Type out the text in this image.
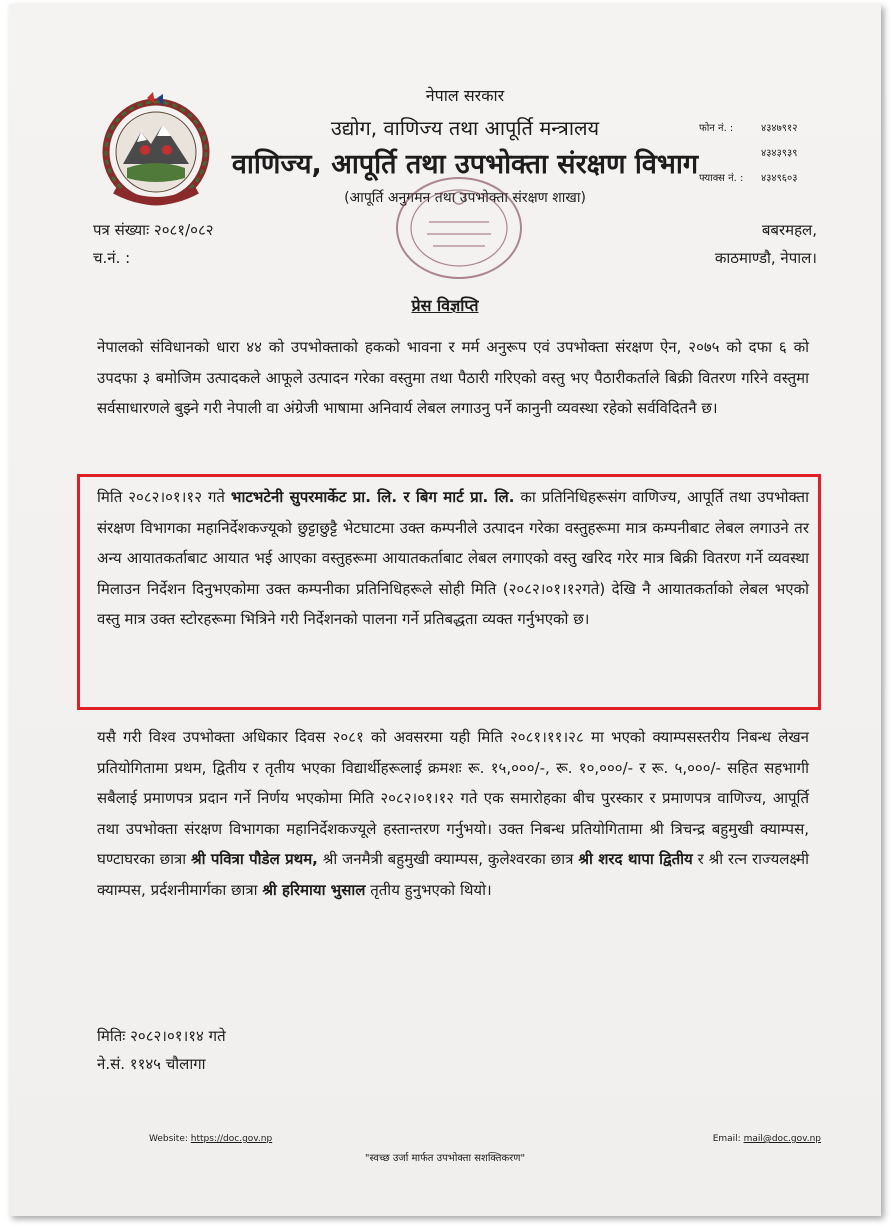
नेपाल सरकार
उद्योग, वाणिज्य तथा आपूर्ति मन्त्रालय
वाणिज्य, आपूर्ति तथा उपभोक्ता संरक्षण विभाग
(आपूर्ति अनुगमन तथा उपभोक्ता संरक्षण शाखा)
फोन नं. :	४३४७९१२
४३४३९३९
फ्याक्स नं. :	४३४९६०३
पत्र संख्याः २०८१/०८२
च.नं. :
बबरमहल,
काठमाण्डौ, नेपाल।
प्रेस विज्ञप्ति

नेपालको संविधानको धारा ४४ को उपभोक्ताको हकको भावना र मर्म अनुरूप एवं उपभोक्ता संरक्षण ऐन, २०७५ को दफा ६ को उपदफा ३ बमोजिम उत्पादकले आफूले उत्पादन गरेका वस्तुमा तथा पैठारी गरिएको वस्तु भए पैठारीकर्ताले बिक्री वितरण गरिने वस्तुमा सर्वसाधारणले बुझ्ने गरी नेपाली वा अंग्रेजी भाषामा अनिवार्य लेबल लगाउनु पर्ने कानुनी व्यवस्था रहेको सर्वविदितनै छ।

मिति २०८२।०१।१२ गते भाटभटेनी सुपरमार्केट प्रा. लि. र बिग मार्ट प्रा. लि. का प्रतिनिधिहरूसंग वाणिज्य, आपूर्ति तथा उपभोक्ता संरक्षण विभागका महानिर्देशकज्यूको छुट्टाछुट्टै भेटघाटमा उक्त कम्पनीले उत्पादन गरेका वस्तुहरूमा मात्र कम्पनीबाट लेबल लगाउने तर अन्य आयातकर्ताबाट आयात भई आएका वस्तुहरूमा आयातकर्ताबाट लेबल लगाएको वस्तु खरिद गरेर मात्र बिक्री वितरण गर्ने व्यवस्था मिलाउन निर्देशन दिनुभएकोमा उक्त कम्पनीका प्रतिनिधिहरूले सोही मिति (२०८२।०१।१२गते) देखि नै आयातकर्ताको लेबल भएको वस्तु मात्र उक्त स्टोरहरूमा भित्रिने गरी निर्देशनको पालना गर्ने प्रतिबद्धता व्यक्त गर्नुभएको छ।

यसै गरी विश्व उपभोक्ता अधिकार दिवस २०८१ को अवसरमा यही मिति २०८१।११।२८ मा भएको क्याम्पसस्तरीय निबन्ध लेखन प्रतियोगितामा प्रथम, द्वितीय र तृतीय भएका विद्यार्थीहरूलाई क्रमशः रू. १५,०००/-, रू. १०,०००/- र रू. ५,०००/- सहित सहभागी सबैलाई प्रमाणपत्र प्रदान गर्ने निर्णय भएकोमा मिति २०८२।०१।१२ गते एक समारोहका बीच पुरस्कार र प्रमाणपत्र वाणिज्य, आपूर्ति तथा उपभोक्ता संरक्षण विभागका महानिर्देशकज्यूले हस्तान्तरण गर्नुभयो। उक्त निबन्ध प्रतियोगितामा श्री त्रिचन्द्र बहुमुखी क्याम्पस, घण्टाघरका छात्रा श्री पवित्रा पौडेल प्रथम, श्री जनमैत्री बहुमुखी क्याम्पस, कुलेश्वरका छात्र श्री शरद थापा द्वितीय र श्री रत्न राज्यलक्ष्मी क्याम्पस, प्रर्दशनीमार्गका छात्रा श्री हरिमाया भुसाल तृतीय हुनुभएको थियो।

मितिः २०८२।०१।१४ गते
ने.सं. ११४५ चौलागा
Website: https://doc.gov.np	Email: mail@doc.gov.np
"स्वच्छ उर्जा मार्फत उपभोक्ता सशक्तिकरण"
